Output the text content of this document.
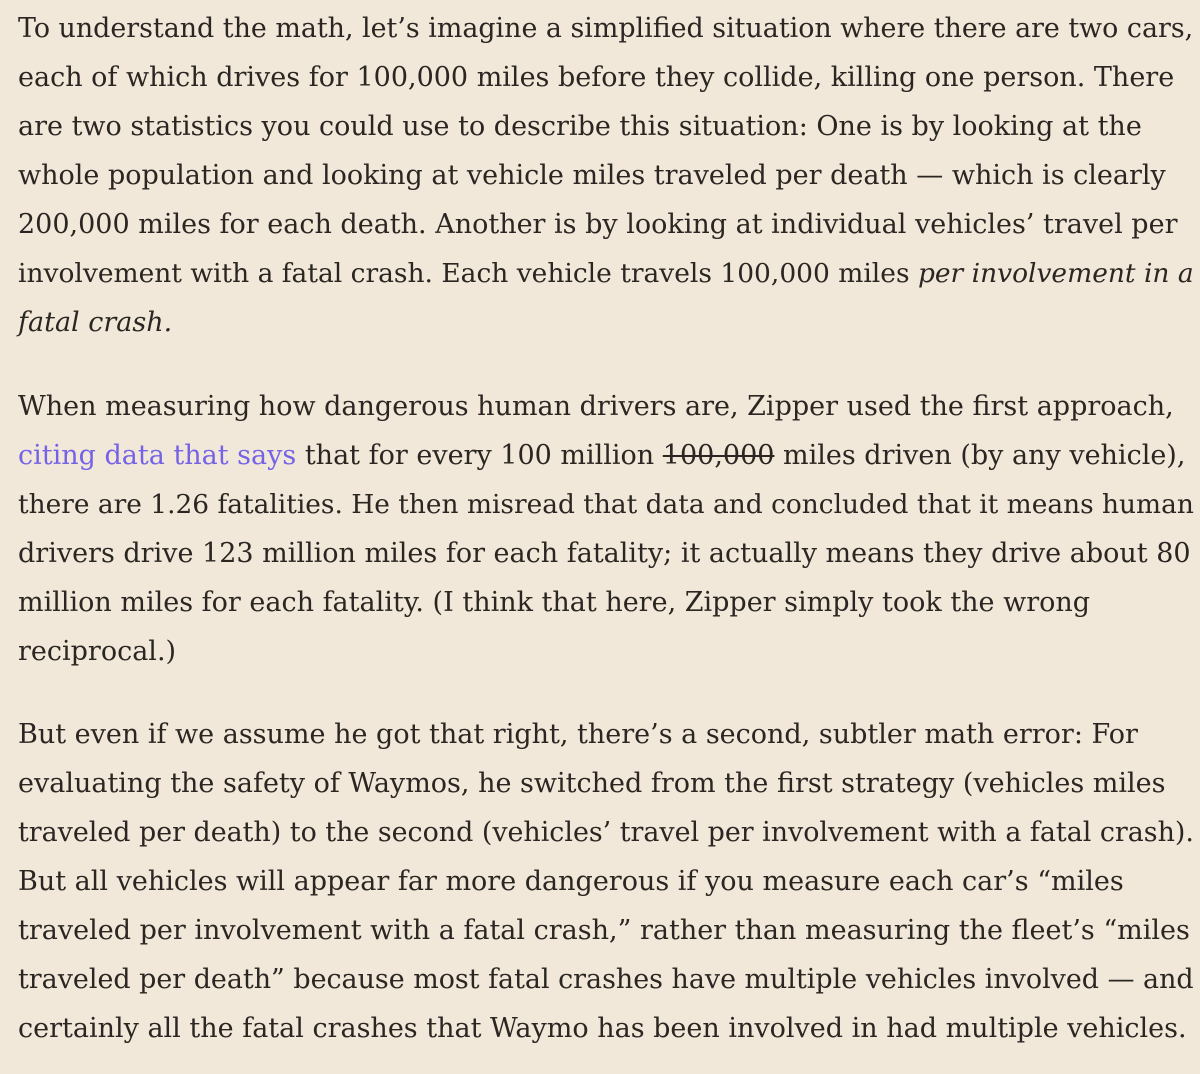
To understand the math, let’s imagine a simplified situation where there are two cars,
each of which drives for 100,000 miles before they collide, killing one person. There
are two statistics you could use to describe this situation: One is by looking at the
whole population and looking at vehicle miles traveled per death — which is clearly
200,000 miles for each death. Another is by looking at individual vehicles’ travel per
involvement with a fatal crash. Each vehicle travels 100,000 miles per involvement in a
fatal crash.

When measuring how dangerous human drivers are, Zipper used the first approach,
citing data that says that for every 100 million 100,000 miles driven (by any vehicle),
there are 1.26 fatalities. He then misread that data and concluded that it means human
drivers drive 123 million miles for each fatality; it actually means they drive about 80
million miles for each fatality. (I think that here, Zipper simply took the wrong
reciprocal.)

But even if we assume he got that right, there’s a second, subtler math error: For
evaluating the safety of Waymos, he switched from the first strategy (vehicles miles
traveled per death) to the second (vehicles’ travel per involvement with a fatal crash).
But all vehicles will appear far more dangerous if you measure each car’s “miles
traveled per involvement with a fatal crash,” rather than measuring the fleet’s “miles
traveled per death” because most fatal crashes have multiple vehicles involved — and
certainly all the fatal crashes that Waymo has been involved in had multiple vehicles.
